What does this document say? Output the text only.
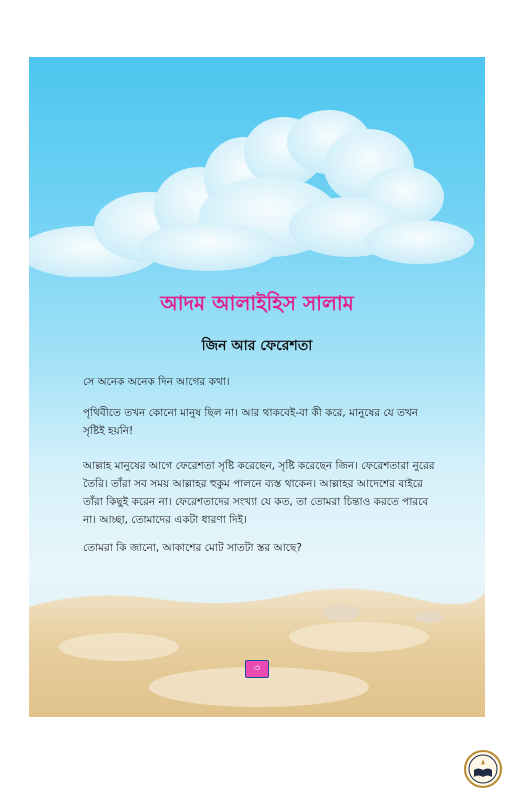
আদম আলাইহিস সালাম
জিন আর ফেরেশতা
সে অনেক অনেক দিন আগের কথা।
পৃথিবীতে তখন কোনো মানুষ ছিল না। আর থাকবেই-বা কী করে, মানুষের যে তখন সৃষ্টিই হয়নি!
আল্লাহ মানুষের আগে ফেরেশতা সৃষ্টি করেছেন, সৃষ্টি করেছেন জিন। ফেরেশতারা নুরের তৈরি। তাঁরা সব সময় আল্লাহর হুকুম পালনে ব্যস্ত থাকেন। আল্লাহর আদেশের বাইরে তাঁরা কিছুই করেন না। ফেরেশতাদের সংখ্যা যে কত, তা তোমরা চিন্তাও করতে পারবে না। আচ্ছা, তোমাদের একটা ধারণা দিই।
তোমরা কি জানো, আকাশের মোট সাতটা স্তর আছে?
৩
